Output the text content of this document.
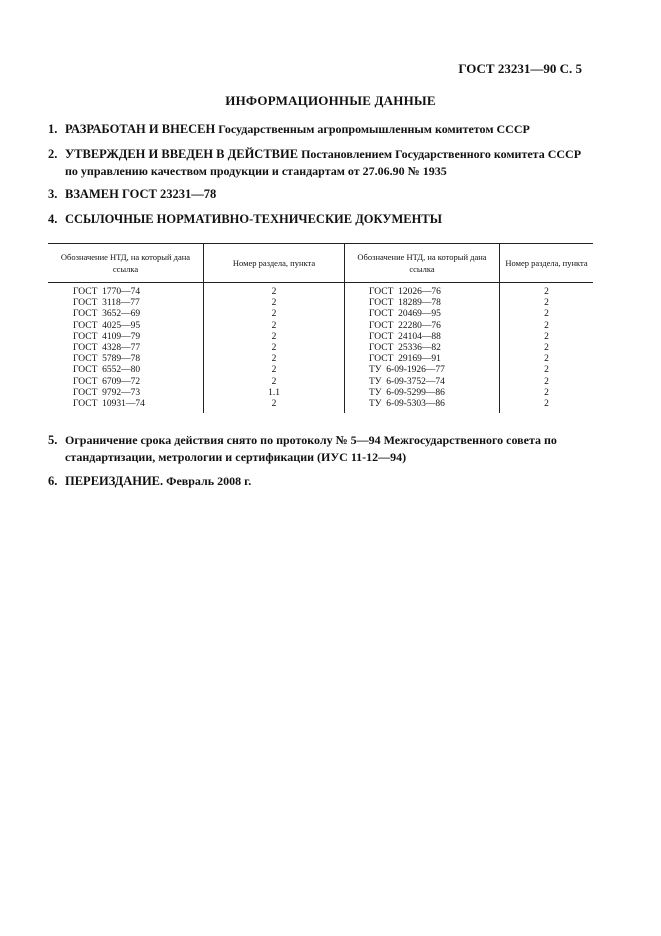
ГОСТ 23231—90 С. 5
ИНФОРМАЦИОННЫЕ ДАННЫЕ
1. РАЗРАБОТАН И ВНЕСЕН Государственным агропромышленным комитетом СССР
2. УТВЕРЖДЕН И ВВЕДЕН В ДЕЙСТВИЕ Постановлением Государственного комитета СССР по управлению качеством продукции и стандартам от 27.06.90 № 1935
3. ВЗАМЕН ГОСТ 23231—78
4. ССЫЛОЧНЫЕ НОРМАТИВНО-ТЕХНИЧЕСКИЕ ДОКУМЕНТЫ
Обозначение НТД, на который дана ссылка	Номер раздела, пункта	Обозначение НТД, на который дана ссылка	Номер раздела, пункта

ГОСТ  1770—74	2	ГОСТ  12026—76	2
ГОСТ  3118—77	2	ГОСТ  18289—78	2
ГОСТ  3652—69	2	ГОСТ  20469—95	2
ГОСТ  4025—95	2	ГОСТ  22280—76	2
ГОСТ  4109—79	2	ГОСТ  24104—88	2
ГОСТ  4328—77	2	ГОСТ  25336—82	2
ГОСТ  5789—78	2	ГОСТ  29169—91	2
ГОСТ  6552—80	2	ТУ  6-09-1926—77	2
ГОСТ  6709—72	2	ТУ  6-09-3752—74	2
ГОСТ  9792—73	1.1	ТУ  6-09-5299—86	2
ГОСТ  10931—74	2	ТУ  6-09-5303—86	2

5. Ограничение срока действия снято по протоколу № 5—94 Межгосударственного совета по стандартизации, метрологии и сертификации (ИУС 11-12—94)
6. ПЕРЕИЗДАНИЕ. Февраль 2008 г.
